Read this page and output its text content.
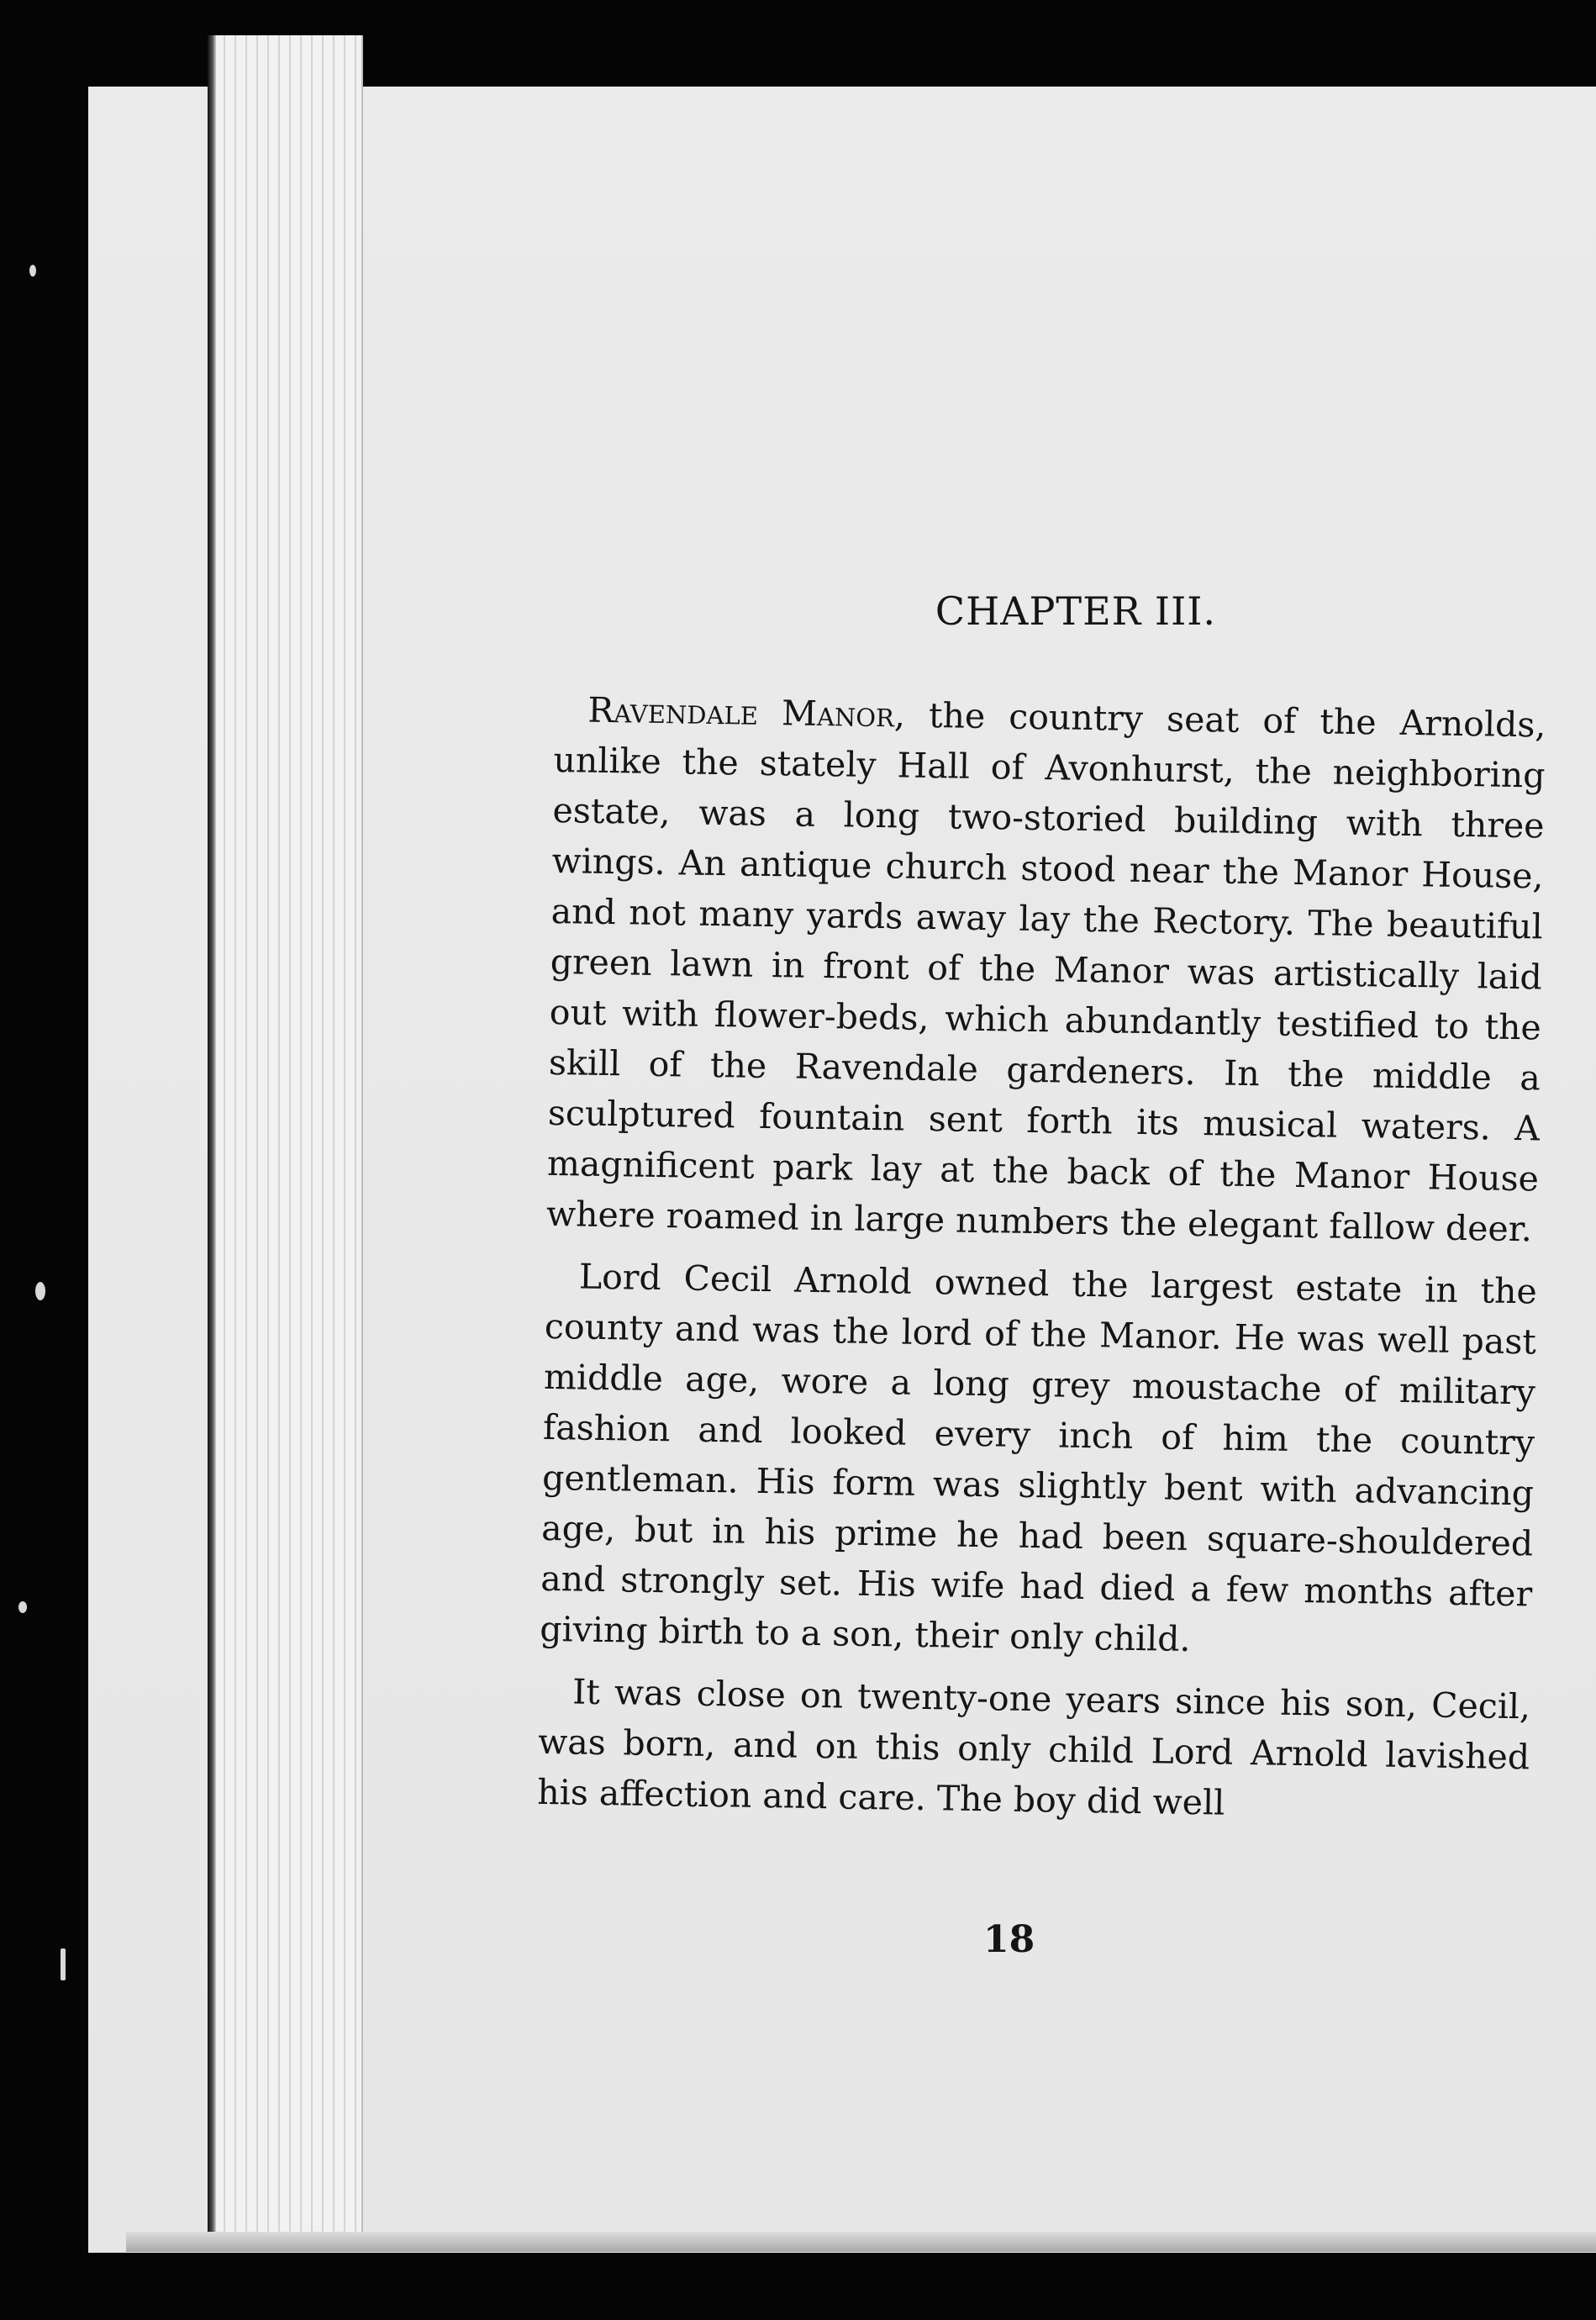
CHAPTER III.

Ravendale Manor, the country seat of the Arnolds, unlike the stately Hall of Avonhurst, the neighboring estate, was a long two-storied building with three wings. An antique church stood near the Manor House, and not many yards away lay the Rectory. The beautiful green lawn in front of the Manor was artistically laid out with flower-beds, which abundantly testified to the skill of the Ravendale gardeners. In the middle a sculptured fountain sent forth its musical waters. A magnificent park lay at the back of the Manor House where roamed in large numbers the elegant fallow deer.

Lord Cecil Arnold owned the largest estate in the county and was the lord of the Manor. He was well past middle age, wore a long grey moustache of military fashion and looked every inch of him the country gentleman. His form was slightly bent with advancing age, but in his prime he had been square-shouldered and strongly set. His wife had died a few months after giving birth to a son, their only child.

It was close on twenty-one years since his son, Cecil, was born, and on this only child Lord Arnold lavished his affection and care. The boy did well

18
